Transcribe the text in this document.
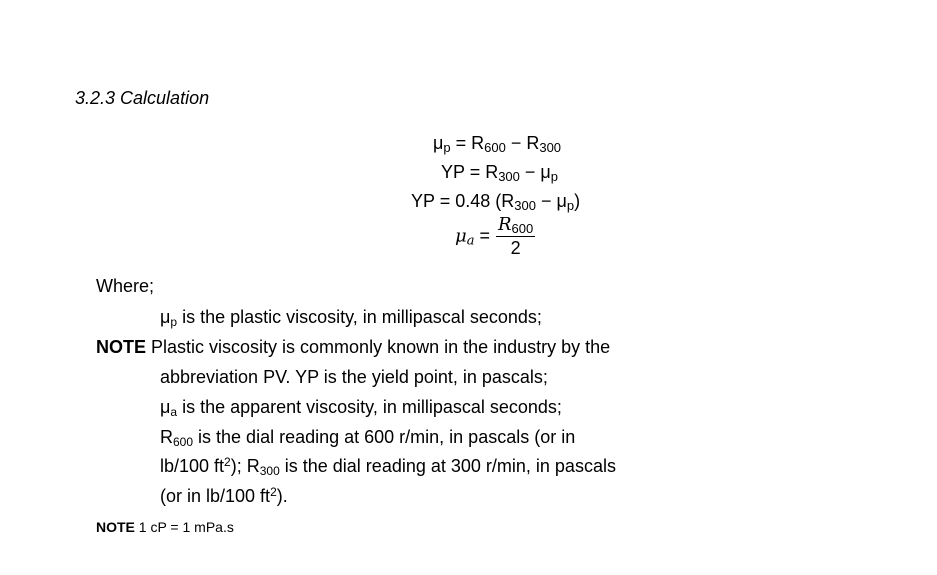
3.2.3 Calculation
$\mu_p = R_{600} - R_{300}$
YP = $R_{300} - \mu_p$
YP = 0.48 $(R_{300} - \mu_p)$
$\mu_a = \frac{R_{600}}{2}$
Where;
$\mu_p$ is the plastic viscosity, in millipascal seconds;
NOTE Plastic viscosity is commonly known in the industry by the
abbreviation PV. YP is the yield point, in pascals;
$\mu_a$ is the apparent viscosity, in millipascal seconds;
$R_{600}$ is the dial reading at 600 r/min, in pascals (or in
lb/100 $ft^2$); $R_{300}$ is the dial reading at 300 r/min, in pascals
(or in lb/100 $ft^2$).
NOTE 1 cP = 1 mPa.s
